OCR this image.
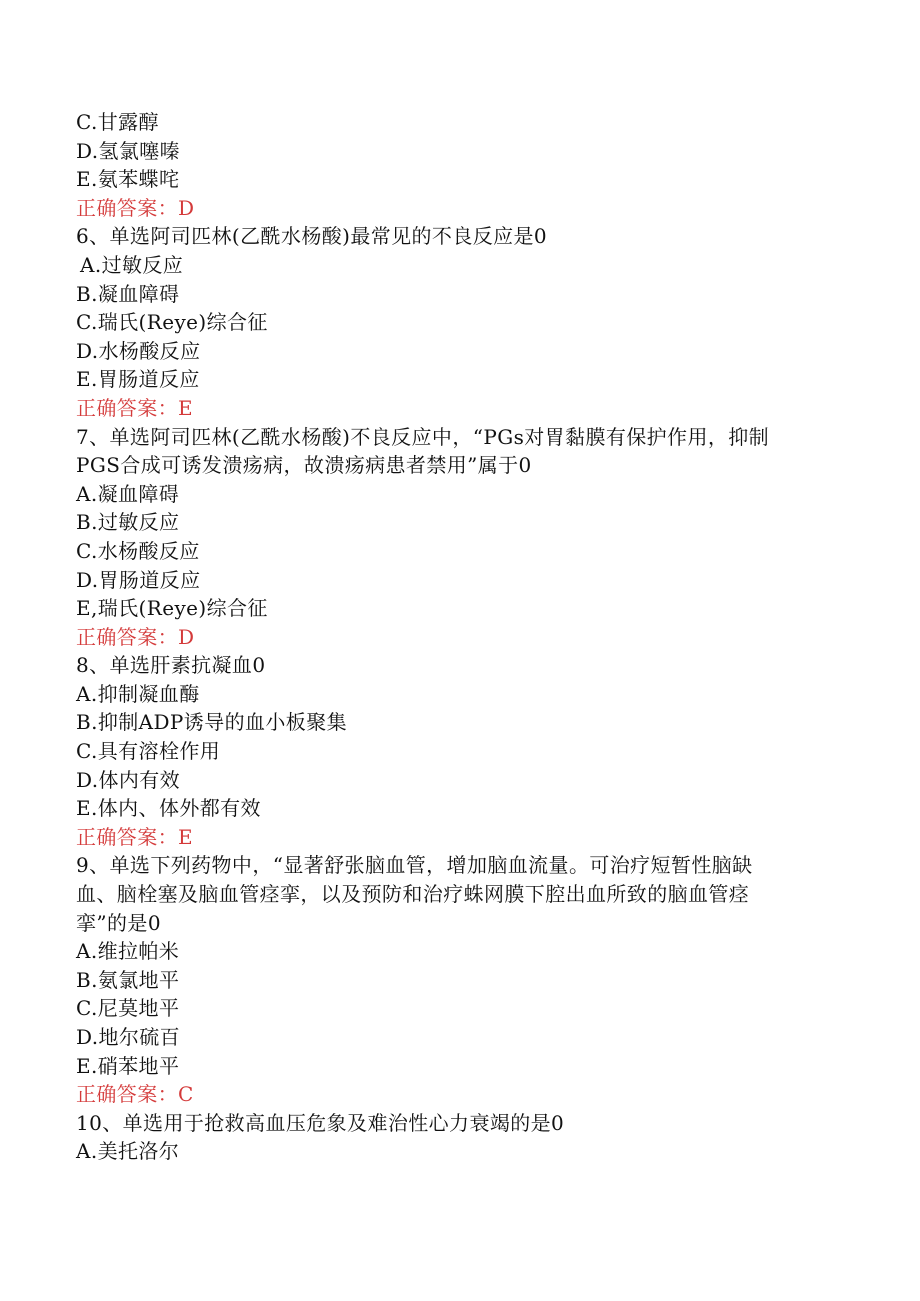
C.甘露醇
D.氢氯噻嗪
E.氨苯蝶咤
正确答案：D
6、单选阿司匹林(乙酰水杨酸)最常见的不良反应是0
A.过敏反应
B.凝血障碍
C.瑞氏(Reye)综合征
D.水杨酸反应
E.胃肠道反应
正确答案：E
7、单选阿司匹林(乙酰水杨酸)不良反应中，“PGs对胃黏膜有保护作用，抑制
PGS合成可诱发溃疡病，故溃疡病患者禁用”属于0
A.凝血障碍
B.过敏反应
C.水杨酸反应
D.胃肠道反应
E,瑞氏(Reye)综合征
正确答案：D
8、单选肝素抗凝血0
A.抑制凝血酶
B.抑制ADP诱导的血小板聚集
C.具有溶栓作用
D.体内有效
E.体内、体外都有效
正确答案：E
9、单选下列药物中，“显著舒张脑血管，增加脑血流量。可治疗短暂性脑缺
血、脑栓塞及脑血管痉挛，以及预防和治疗蛛网膜下腔出血所致的脑血管痉
挛”的是0
A.维拉帕米
B.氨氯地平
C.尼莫地平
D.地尔硫百
E.硝苯地平
正确答案：C
10、单选用于抢救高血压危象及难治性心力衰竭的是0
A.美托洛尔
